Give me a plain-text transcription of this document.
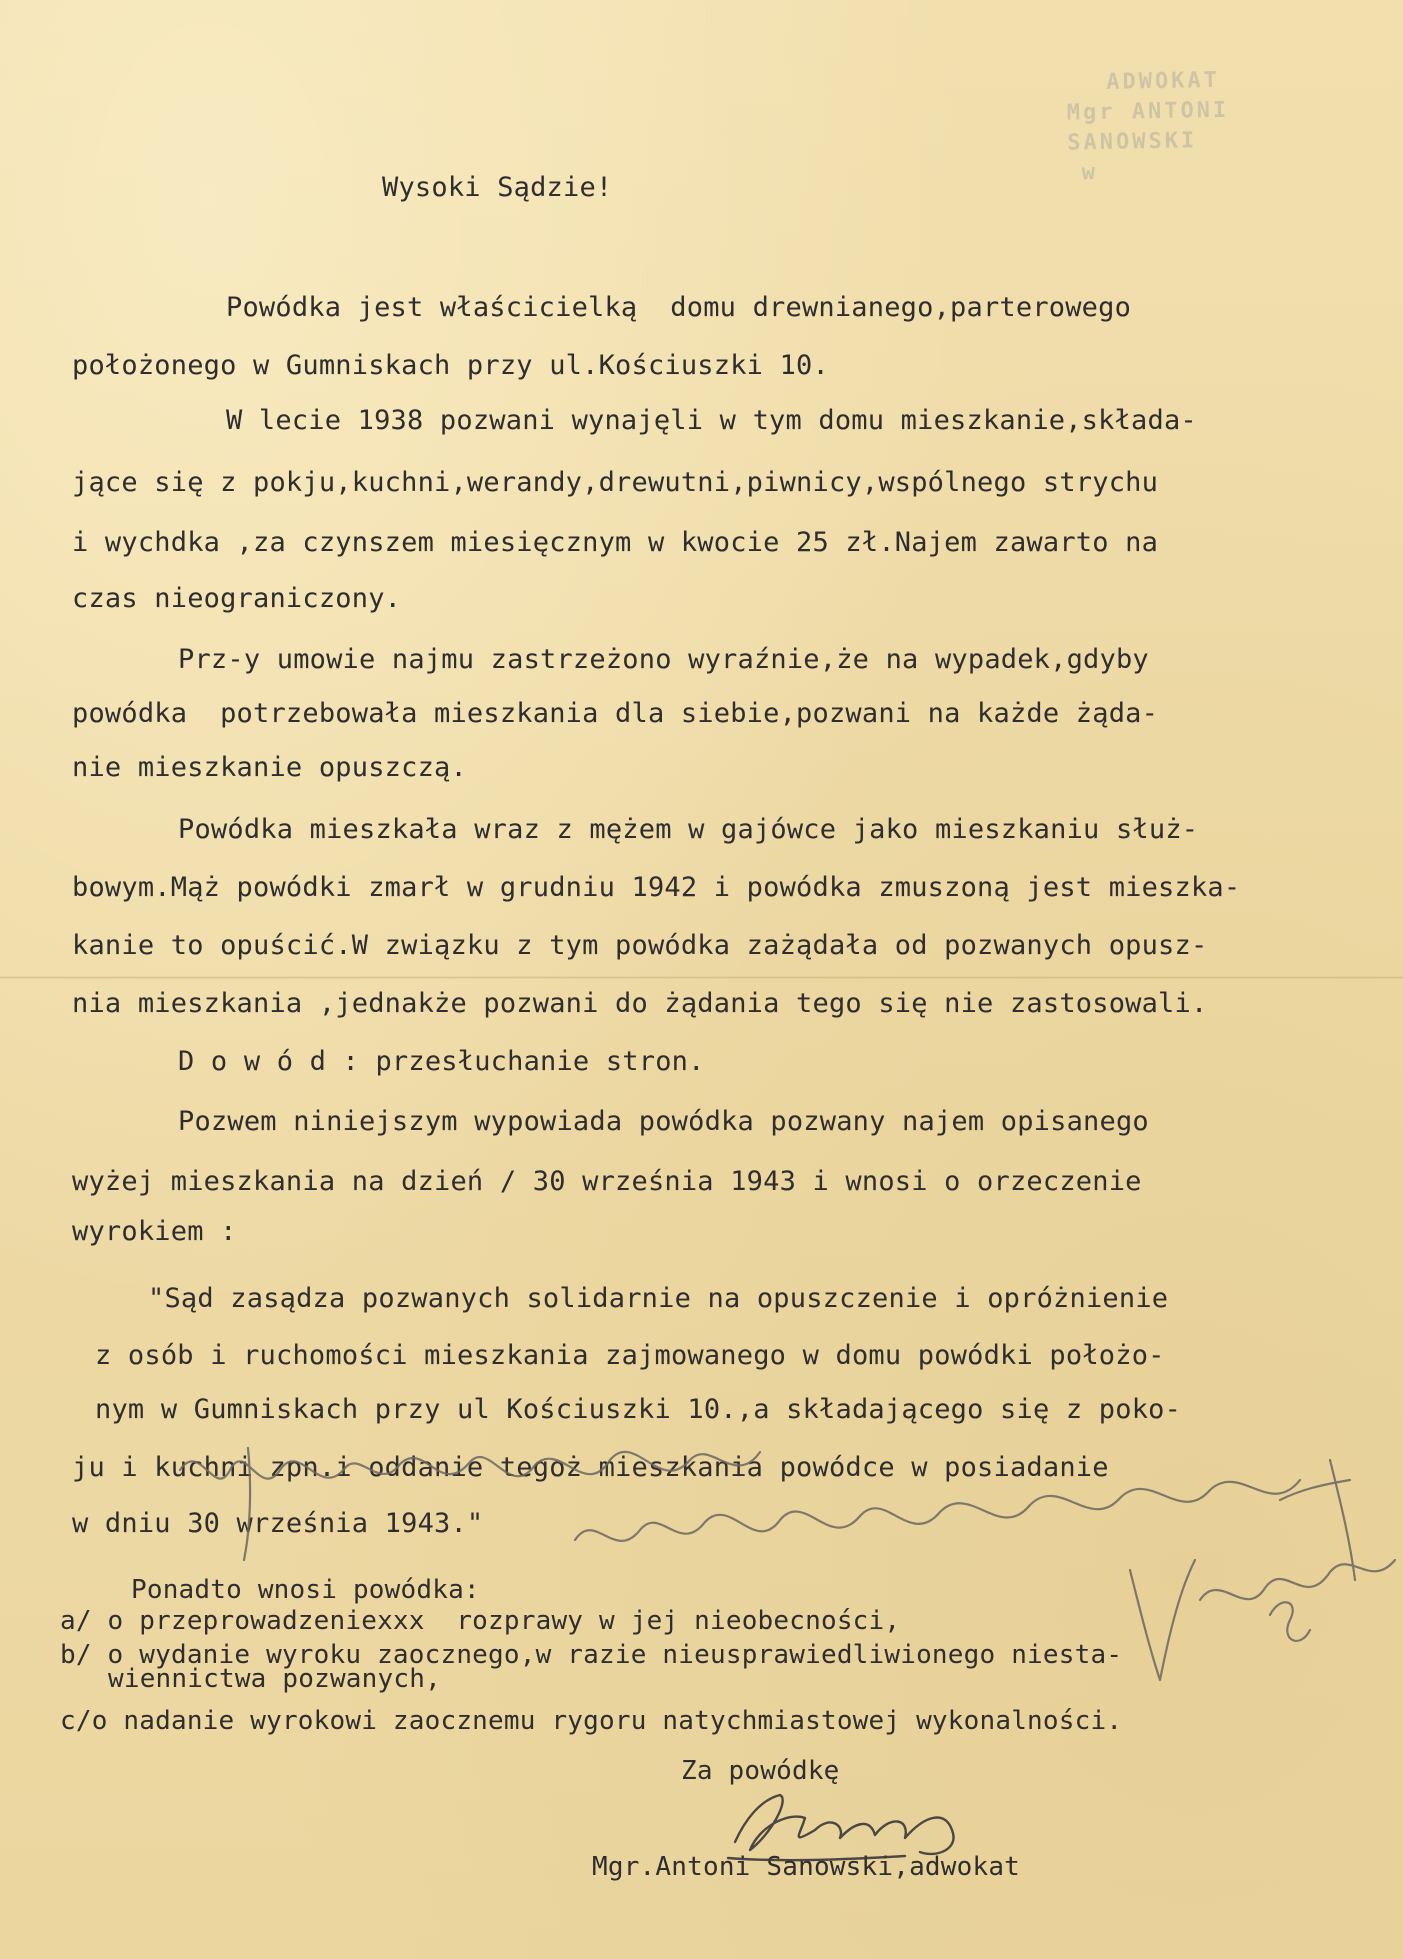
ADWOKAT
Mgr ANTONI SANOWSKI
w
Wysoki Sądzie!
Powódka jest właścicielką  domu drewnianego,parterowego
położonego w Gumniskach przy ul.Kościuszki 10.
W lecie 1938 pozwani wynajęli w tym domu mieszkanie,składa-
jące się z pokju,kuchni,werandy,drewutni,piwnicy,wspólnego strychu
i wychdka ,za czynszem miesięcznym w kwocie 25 zł.Najem zawarto na
czas nieograniczony.
Prz-y umowie najmu zastrzeżono wyraźnie,że na wypadek,gdyby
powódka  potrzebowała mieszkania dla siebie,pozwani na każde żąda-
nie mieszkanie opuszczą.
Powódka mieszkała wraz z mężem w gajówce jako mieszkaniu służ-
bowym.Mąż powódki zmarł w grudniu 1942 i powódka zmuszoną jest mieszka-
kanie to opuścić.W związku z tym powódka zażądała od pozwanych opusz-
nia mieszkania ,jednakże pozwani do żądania tego się nie zastosowali.
D o w ó d : przesłuchanie stron.
Pozwem niniejszym wypowiada powódka pozwany najem opisanego
wyżej mieszkania na dzień / 30 września 1943 i wnosi o orzeczenie
wyrokiem :
"Sąd zasądza pozwanych solidarnie na opuszczenie i opróżnienie
z osób i ruchomości mieszkania zajmowanego w domu powódki położo-
nym w Gumniskach przy ul Kościuszki 10.,a składającego się z poko-
ju i kuchni zpn.i oddanie tegoż mieszkania powódce w posiadanie
w dniu 30 września 1943."
Ponadto wnosi powódka:
a/ o przeprowadzeniexxx  rozprawy w jej nieobecności,
b/ o wydanie wyroku zaocznego,w razie nieusprawiedliwionego niesta-
wiennictwa pozwanych,
c/o nadanie wyrokowi zaocznemu rygoru natychmiastowej wykonalności.
Za powódkę
Mgr.Antoni Sanowski,adwokat
